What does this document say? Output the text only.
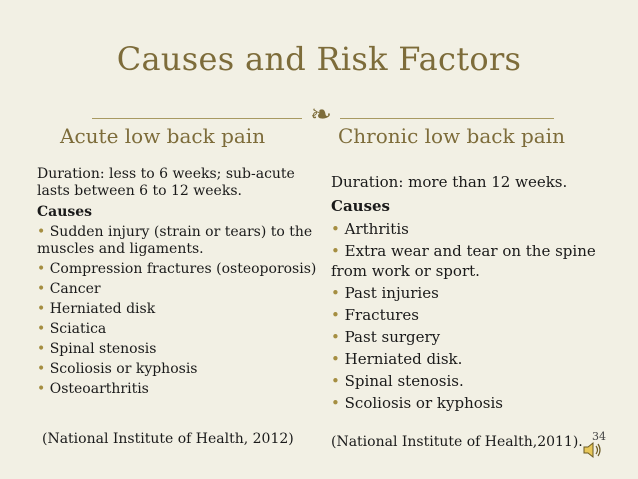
Causes and Risk Factors
❧
Acute low back pain	Chronic low back pain
Duration: less to 6 weeks; sub-acute lasts between 6 to 12 weeks.
Causes
• Sudden injury (strain or tears) to the muscles and ligaments.
• Compression fractures (osteoporosis)
• Cancer
• Herniated disk
• Sciatica
• Spinal stenosis
• Scoliosis or kyphosis
• Osteoarthritis
Duration: more than 12 weeks.
Causes
• Arthritis
• Extra wear and tear on the spine from work or sport.
• Past injuries
• Fractures
• Past surgery
• Herniated disk.
• Spinal stenosis.
• Scoliosis or kyphosis
(National Institute of Health, 2012)	(National Institute of Health,2011). 34
